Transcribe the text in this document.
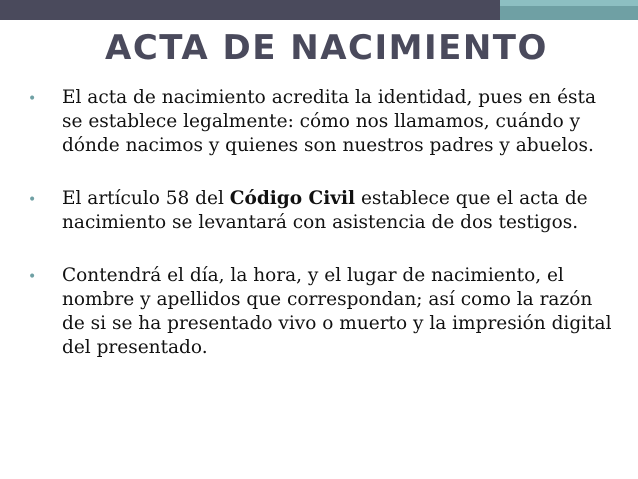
ACTA DE NACIMIENTO
• El acta de nacimiento acredita la identidad, pues en ésta se establece legalmente: cómo nos llamamos, cuándo y dónde nacimos y quienes son nuestros padres y abuelos.
• El artículo 58 del Código Civil establece que el acta de nacimiento se levantará con asistencia de dos testigos.
• Contendrá el día, la hora, y el lugar de nacimiento, el nombre y apellidos que correspondan; así como la razón de si se ha presentado vivo o muerto y la impresión digital del presentado.
